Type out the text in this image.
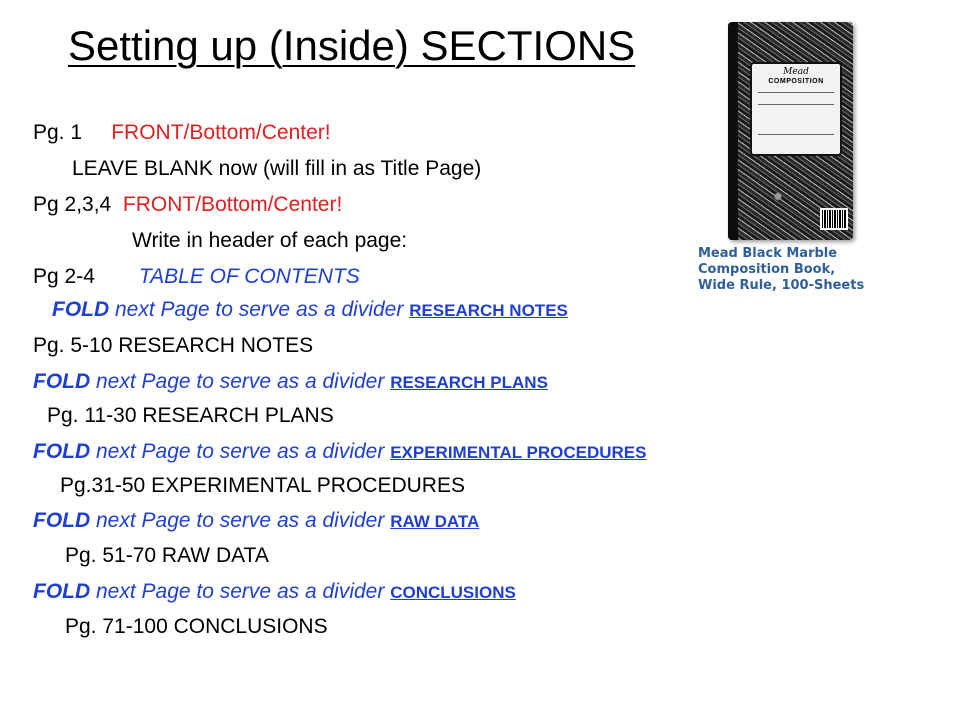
Setting up (Inside) SECTIONS
Pg. 1 FRONT/Bottom/Center!
LEAVE BLANK now (will fill in as Title Page)
Pg 2,3,4 FRONT/Bottom/Center!
Write in header of each page:
Pg 2-4 TABLE OF CONTENTS
FOLD next Page to serve as a divider RESEARCH NOTES
Pg. 5-10 RESEARCH NOTES
FOLD next Page to serve as a divider RESEARCH PLANS
Pg. 11-30 RESEARCH PLANS
FOLD next Page to serve as a divider EXPERIMENTAL PROCEDURES
Pg.31-50 EXPERIMENTAL PROCEDURES
FOLD next Page to serve as a divider RAW DATA
Pg. 51-70 RAW DATA
FOLD next Page to serve as a divider CONCLUSIONS
Pg. 71-100 CONCLUSIONS
Mead
COMPOSITION
Mead Black Marble Composition Book, Wide Rule, 100-Sheets
